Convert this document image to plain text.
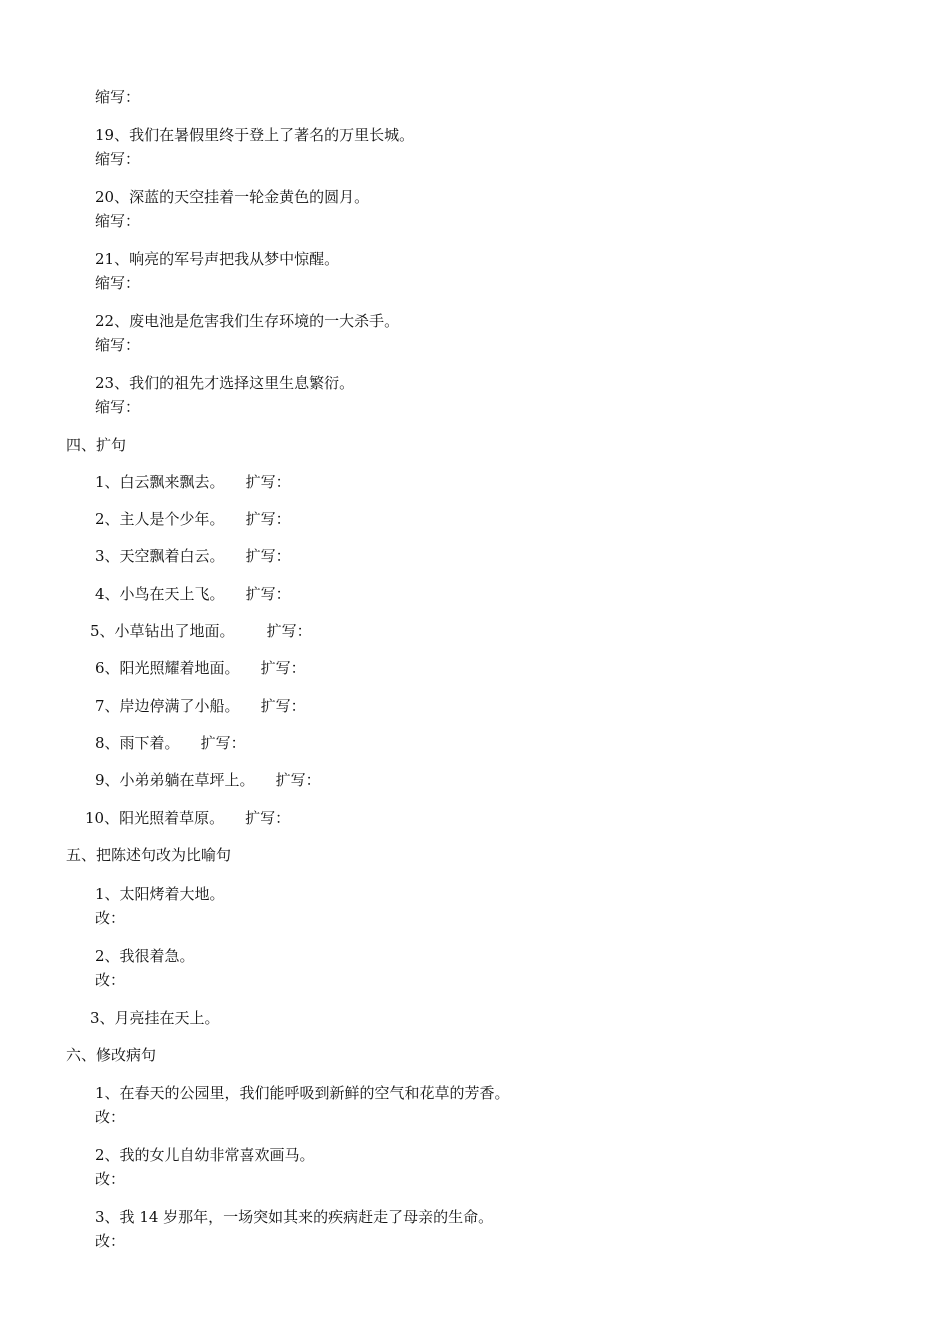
缩写：
19、我们在暑假里终于登上了著名的万里长城。
缩写：
20、深蓝的天空挂着一轮金黄色的圆月。
缩写：
21、响亮的军号声把我从梦中惊醒。
缩写：
22、废电池是危害我们生存环境的一大杀手。
缩写：
23、我们的祖先才选择这里生息繁衍。
缩写：
四、扩句
1、白云飘来飘去。 扩写：
2、主人是个少年。 扩写：
3、天空飘着白云。 扩写：
4、小鸟在天上飞。 扩写：
5、小草钻出了地面。 扩写：
6、阳光照耀着地面。 扩写：
7、岸边停满了小船。 扩写：
8、雨下着。 扩写：
9、小弟弟躺在草坪上。 扩写：
10、阳光照着草原。 扩写：
五、把陈述句改为比喻句
1、太阳烤着大地。
改：
2、我很着急。
改：
3、月亮挂在天上。
六、修改病句
1、在春天的公园里，我们能呼吸到新鲜的空气和花草的芳香。
改：
2、我的女儿自幼非常喜欢画马。
改：
3、我 14 岁那年，一场突如其来的疾病赶走了母亲的生命。
改：
